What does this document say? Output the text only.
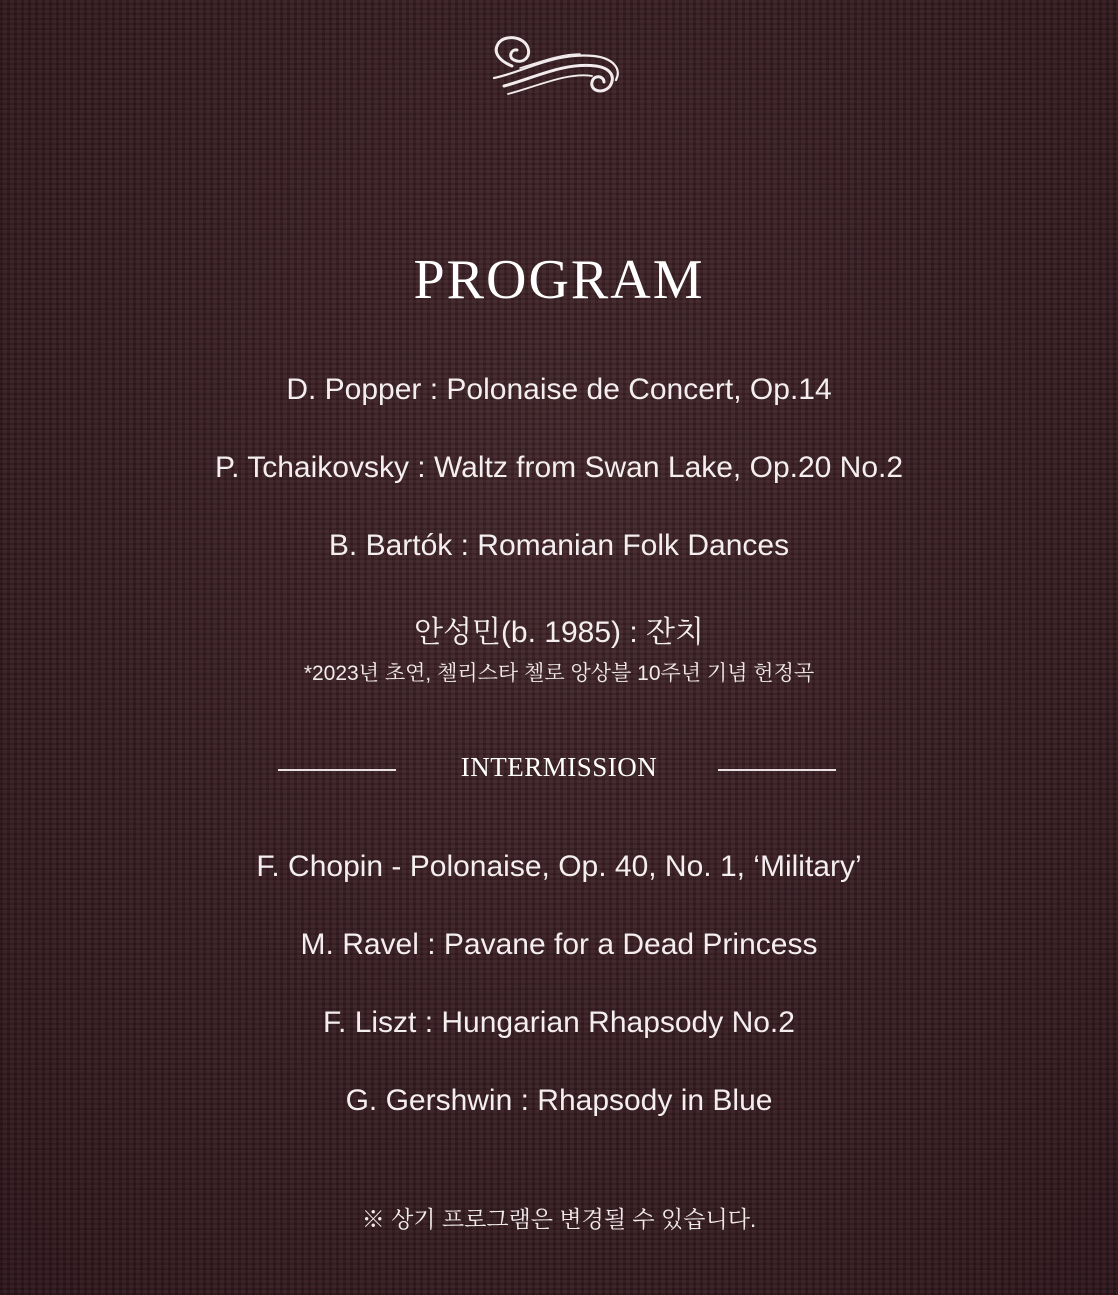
PROGRAM
D. Popper : Polonaise de Concert, Op.14
P. Tchaikovsky : Waltz from Swan Lake, Op.20 No.2
B. Bartók : Romanian Folk Dances
안성민(b. 1985) : 잔치
*2023년 초연, 첼리스타 첼로 앙상블 10주년 기념 헌정곡
INTERMISSION
F. Chopin - Polonaise, Op. 40, No. 1, ‘Military’
M. Ravel : Pavane for a Dead Princess
F. Liszt : Hungarian Rhapsody No.2
G. Gershwin : Rhapsody in Blue
※ 상기 프로그램은 변경될 수 있습니다.
